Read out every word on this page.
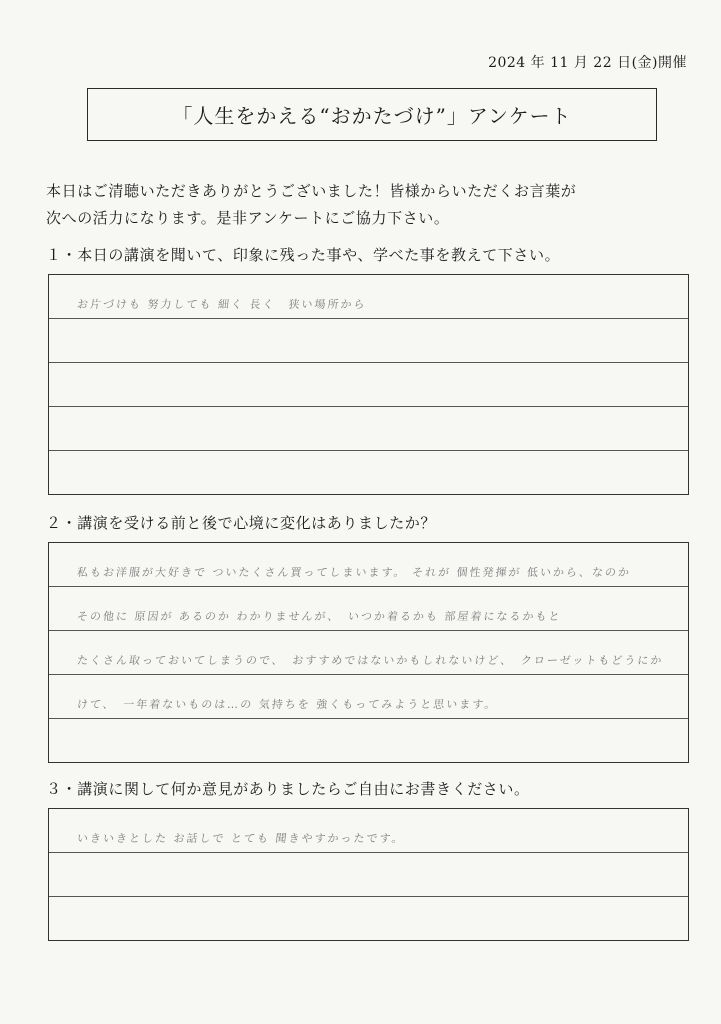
2024 年 11 月 22 日(金)開催
「人生をかえる“おかたづけ”」アンケート
本日はご清聴いただきありがとうございました！皆様からいただくお言葉が
次への活力になります。是非アンケートにご協力下さい。
１・本日の講演を聞いて、印象に残った事や、学べた事を教えて下さい。
お片づけも 努力しても 細く 長く　狭い場所から
２・講演を受ける前と後で心境に変化はありましたか？
私もお洋服が大好きで ついたくさん買ってしまいます。 それが 個性発揮が 低いから、なのか
その他に 原因が あるのか わかりませんが、　いつか着るかも 部屋着になるかもと
たくさん取っておいてしまうので、　おすすめではないかもしれないけど、　クローゼットもどうにか
けて、　一年着ないものは…の 気持ちを 強くもってみようと思います。
３・講演に関して何か意見がありましたらご自由にお書きください。
いきいきとした お話しで とても 聞きやすかったです。
